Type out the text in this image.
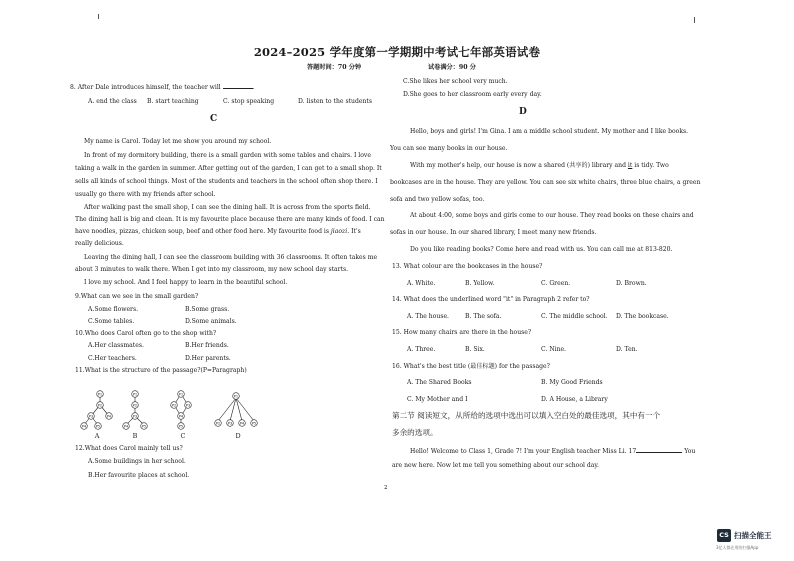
2024–2025 学年度第一学期期中考试七年部英语试卷
答题时间：70 分钟	试卷满分：90 分
8. After Dale introduces himself, the teacher will	.
A. end the class B. start teaching	C. stop speaking	D. listen to the students
C
My name is Carol. Today let me show you around my school.
In front of my dormitory building, there is a small garden with some tables and chairs. I love
taking a walk in the garden in summer. After getting out of the garden, I can get to a small shop. It
sells all kinds of school things. Most of the students and teachers in the school often shop there. I
usually go there with my friends after school.
After walking past the small shop, I can see the dining hall. It is across from the sports field.
The dining hall is big and clean. It is my favourite place because there are many kinds of food. I can
have noodles, pizzas, chicken soup, beef and other food here. My favourite food is jiaozi. It's
really delicious.
Leaving the dining hall, I can see the classroom building with 36 classrooms. It often takes me
about 3 minutes to walk there. When I get into my classroom, my new school day starts.
I love my school. And I feel happy to learn in the beautiful school.
9.What can we see in the small garden?
A.Some flowers.	B.Some grass.
C.Some tables.	D.Some animals.
10.Who does Carol often go to the shop with?
A.Her classmates.	B.Her friends.
C.Her teachers.	D.Her parents.
11.What is the structure of the passage?(P=Paragraph)
12.What does Carol mainly tell us?
A.Some buildings in her school.
B.Her favourite places at school.
P1
P2
P3	P4
P4	P5
P1
P2
P3
P4	P5
P1
P2	P3
P4
P5
P1
P2 P3 P4 P5
A	B	C	D
2
C.She likes her school very much.
D.She goes to her classroom early every day.
D
Hello, boys and girls! I'm Gina. I am a middle school student. My mother and I like books.
You can see many books in our house.
With my mother's help, our house is now a shared (共享的) library and it is tidy. Two
bookcases are in the house. They are yellow. You can see six white chairs, three blue chairs, a green
sofa and two yellow sofas, too.
At about 4:00, some boys and girls come to our house. They read books on these chairs and
sofas in our house. In our shared library, I meet many new friends.
Do you like reading books? Come here and read with us. You can call me at 813-820.
13. What colour are the bookcases in the house?
A. White.	B. Yellow.	C. Green.	D. Brown.
14. What does the underlined word "it" in Paragraph 2 refer to?
A. The house.	B. The sofa.	C. The middle school. D. The bookcase.
15. How many chairs are there in the house?
A. Three.	B. Six.	C. Nine.	D. Ten.
16. What's the best title (最佳标题) for the passage?
A. The Shared Books	B. My Good Friends
C. My Mother and I	D. A House, a Library
第二节 阅读短文，从所给的选项中选出可以填入空白处的最佳选项，其中有一个
多余的选项。
Hello! Welcome to Class 1, Grade 7! I'm your English teacher Miss Li. 17	You
are new here. Now let me tell you something about our school day.
CS 扫描全能王
3亿人都在用的扫描App
